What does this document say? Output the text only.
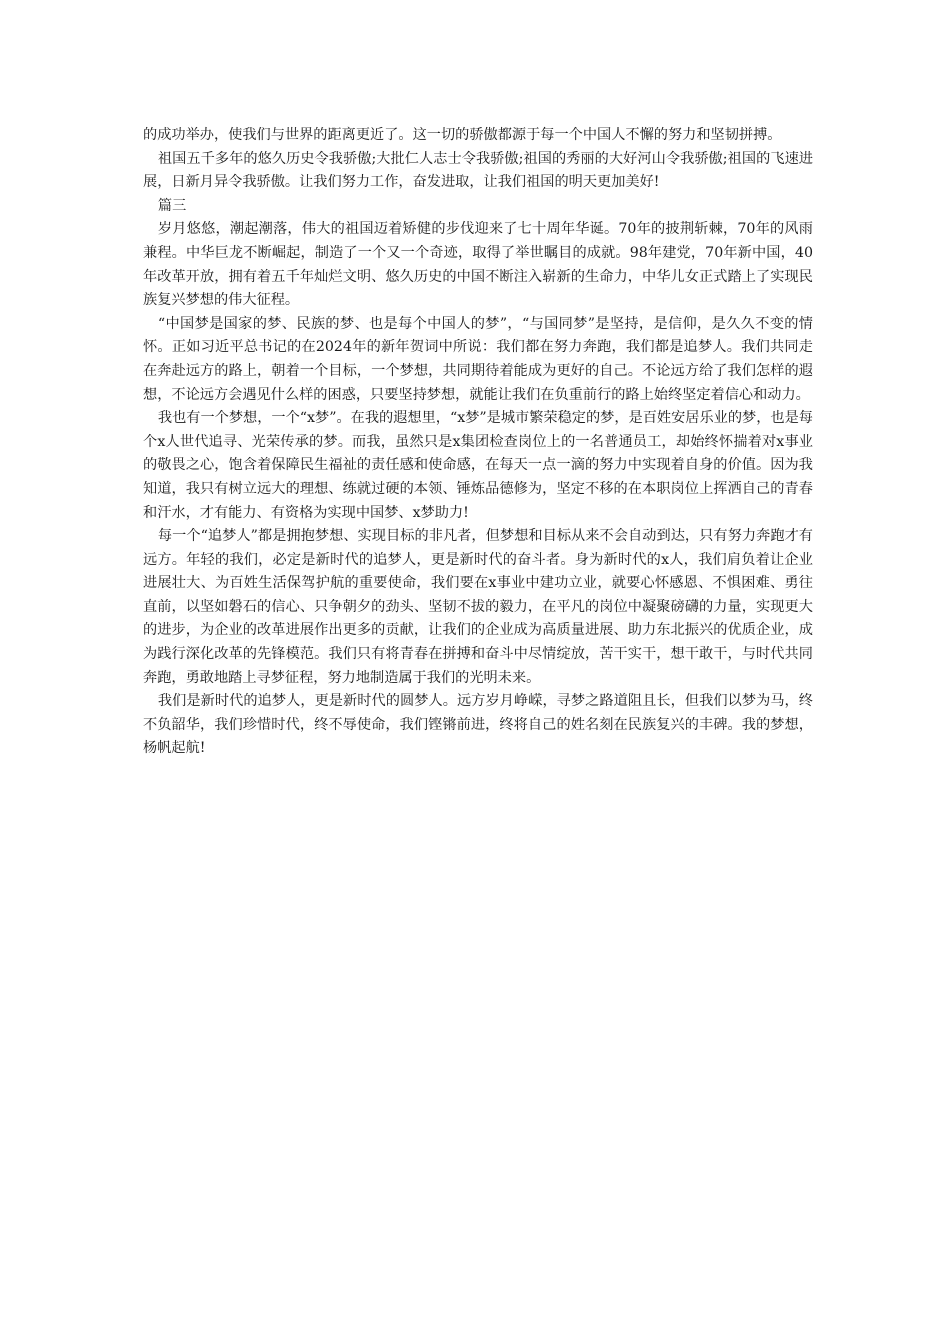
的成功举办，使我们与世界的距离更近了。这一切的骄傲都源于每一个中国人不懈的努力和坚韧拼搏。

祖国五千多年的悠久历史令我骄傲;大批仁人志士令我骄傲;祖国的秀丽的大好河山令我骄傲;祖国的飞速进展，日新月异令我骄傲。让我们努力工作，奋发进取，让我们祖国的明天更加美好!

篇三

岁月悠悠，潮起潮落，伟大的祖国迈着矫健的步伐迎来了七十周年华诞。70年的披荆斩棘，70年的风雨兼程。中华巨龙不断崛起，制造了一个又一个奇迹，取得了举世瞩目的成就。98年建党，70年新中国，40年改革开放，拥有着五千年灿烂文明、悠久历史的中国不断注入崭新的生命力，中华儿女正式踏上了实现民族复兴梦想的伟大征程。

“中国梦是国家的梦、民族的梦、也是每个中国人的梦”，“与国同梦”是坚持，是信仰，是久久不变的情怀。正如习近平总书记的在2024年的新年贺词中所说：我们都在努力奔跑，我们都是追梦人。我们共同走在奔赴远方的路上，朝着一个目标，一个梦想，共同期待着能成为更好的自己。不论远方给了我们怎样的遐想，不论远方会遇见什么样的困惑，只要坚持梦想，就能让我们在负重前行的路上始终坚定着信心和动力。

我也有一个梦想，一个“x梦”。在我的遐想里，“x梦”是城市繁荣稳定的梦，是百姓安居乐业的梦，也是每个x人世代追寻、光荣传承的梦。而我，虽然只是x集团检查岗位上的一名普通员工，却始终怀揣着对x事业的敬畏之心，饱含着保障民生福祉的责任感和使命感，在每天一点一滴的努力中实现着自身的价值。因为我知道，我只有树立远大的理想、练就过硬的本领、锤炼品德修为，坚定不移的在本职岗位上挥洒自己的青春和汗水，才有能力、有资格为实现中国梦、x梦助力!

每一个“追梦人”都是拥抱梦想、实现目标的非凡者，但梦想和目标从来不会自动到达，只有努力奔跑才有远方。年轻的我们，必定是新时代的追梦人，更是新时代的奋斗者。身为新时代的x人，我们肩负着让企业进展壮大、为百姓生活保驾护航的重要使命，我们要在x事业中建功立业，就要心怀感恩、不惧困难、勇往直前，以坚如磐石的信心、只争朝夕的劲头、坚韧不拔的毅力，在平凡的岗位中凝聚磅礴的力量，实现更大的进步，为企业的改革进展作出更多的贡献，让我们的企业成为高质量进展、助力东北振兴的优质企业，成为践行深化改革的先锋模范。我们只有将青春在拼搏和奋斗中尽情绽放，苦干实干，想干敢干，与时代共同奔跑，勇敢地踏上寻梦征程，努力地制造属于我们的光明未来。

我们是新时代的追梦人，更是新时代的圆梦人。远方岁月峥嵘，寻梦之路道阻且长，但我们以梦为马，终不负韶华，我们珍惜时代，终不辱使命，我们铿锵前进，终将自己的姓名刻在民族复兴的丰碑。我的梦想，杨帆起航!
